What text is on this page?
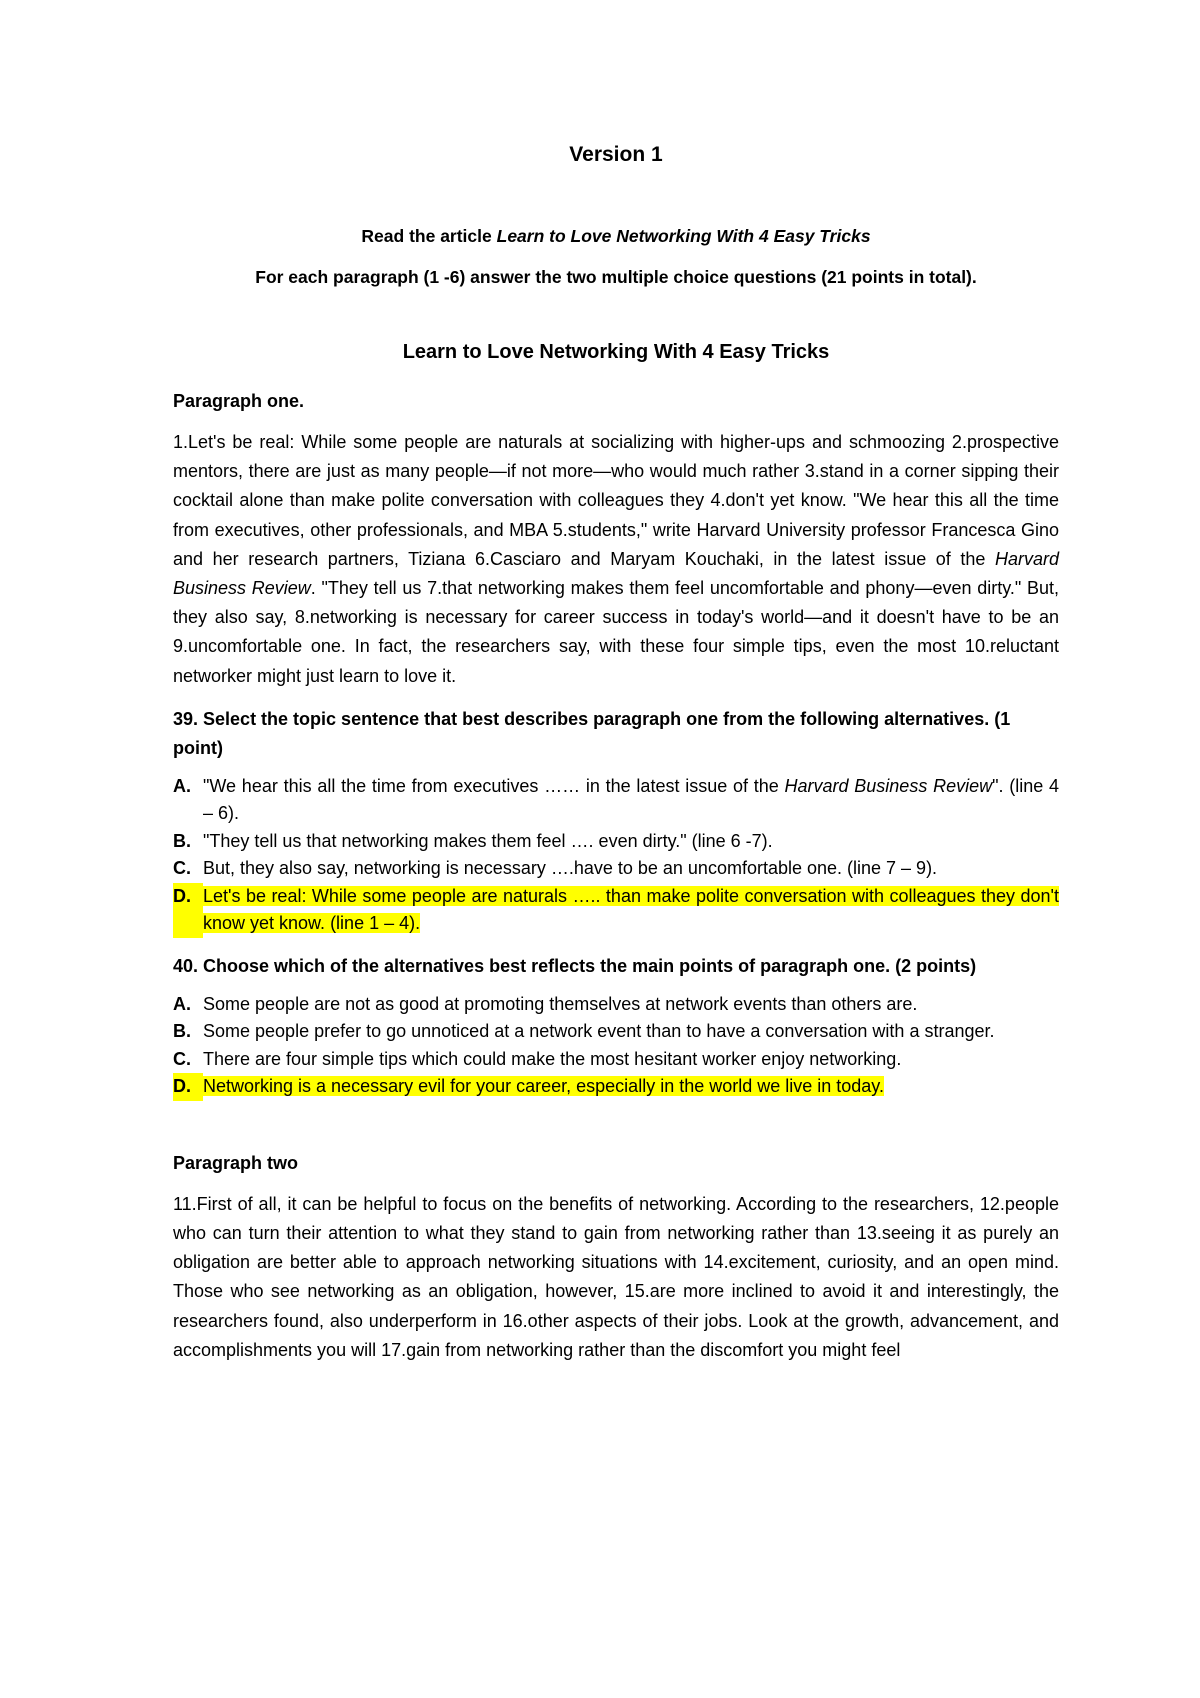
Version 1

Read the article Learn to Love Networking With 4 Easy Tricks

For each paragraph (1 -6) answer the two multiple choice questions (21 points in total).

Learn to Love Networking With 4 Easy Tricks

Paragraph one.

1.Let's be real: While some people are naturals at socializing with higher-ups and schmoozing 2.prospective mentors, there are just as many people—if not more—who would much rather 3.stand in a corner sipping their cocktail alone than make polite conversation with colleagues they 4.don't yet know. "We hear this all the time from executives, other professionals, and MBA 5.students," write Harvard University professor Francesca Gino and her research partners, Tiziana 6.Casciaro and Maryam Kouchaki, in the latest issue of the Harvard Business Review. "They tell us 7.that networking makes them feel uncomfortable and phony—even dirty." But, they also say, 8.networking is necessary for career success in today's world—and it doesn't have to be an 9.uncomfortable one. In fact, the researchers say, with these four simple tips, even the most 10.reluctant networker might just learn to love it.

39. Select the topic sentence that best describes paragraph one from the following alternatives. (1 point)

A. "We hear this all the time from executives …… in the latest issue of the Harvard Business Review". (line 4 – 6).
B. "They tell us that networking makes them feel …. even dirty." (line 6 -7).
C. But, they also say, networking is necessary ….have to be an uncomfortable one. (line 7 – 9).
D. Let's be real: While some people are naturals ….. than make polite conversation with colleagues they don't know yet know. (line 1 – 4).

40. Choose which of the alternatives best reflects the main points of paragraph one. (2 points)

A. Some people are not as good at promoting themselves at network events than others are.
B. Some people prefer to go unnoticed at a network event than to have a conversation with a stranger.
C. There are four simple tips which could make the most hesitant worker enjoy networking.
D. Networking is a necessary evil for your career, especially in the world we live in today.

Paragraph two

11.First of all, it can be helpful to focus on the benefits of networking. According to the researchers, 12.people who can turn their attention to what they stand to gain from networking rather than 13.seeing it as purely an obligation are better able to approach networking situations with 14.excitement, curiosity, and an open mind. Those who see networking as an obligation, however, 15.are more inclined to avoid it and interestingly, the researchers found, also underperform in 16.other aspects of their jobs. Look at the growth, advancement, and accomplishments you will 17.gain from networking rather than the discomfort you might feel
